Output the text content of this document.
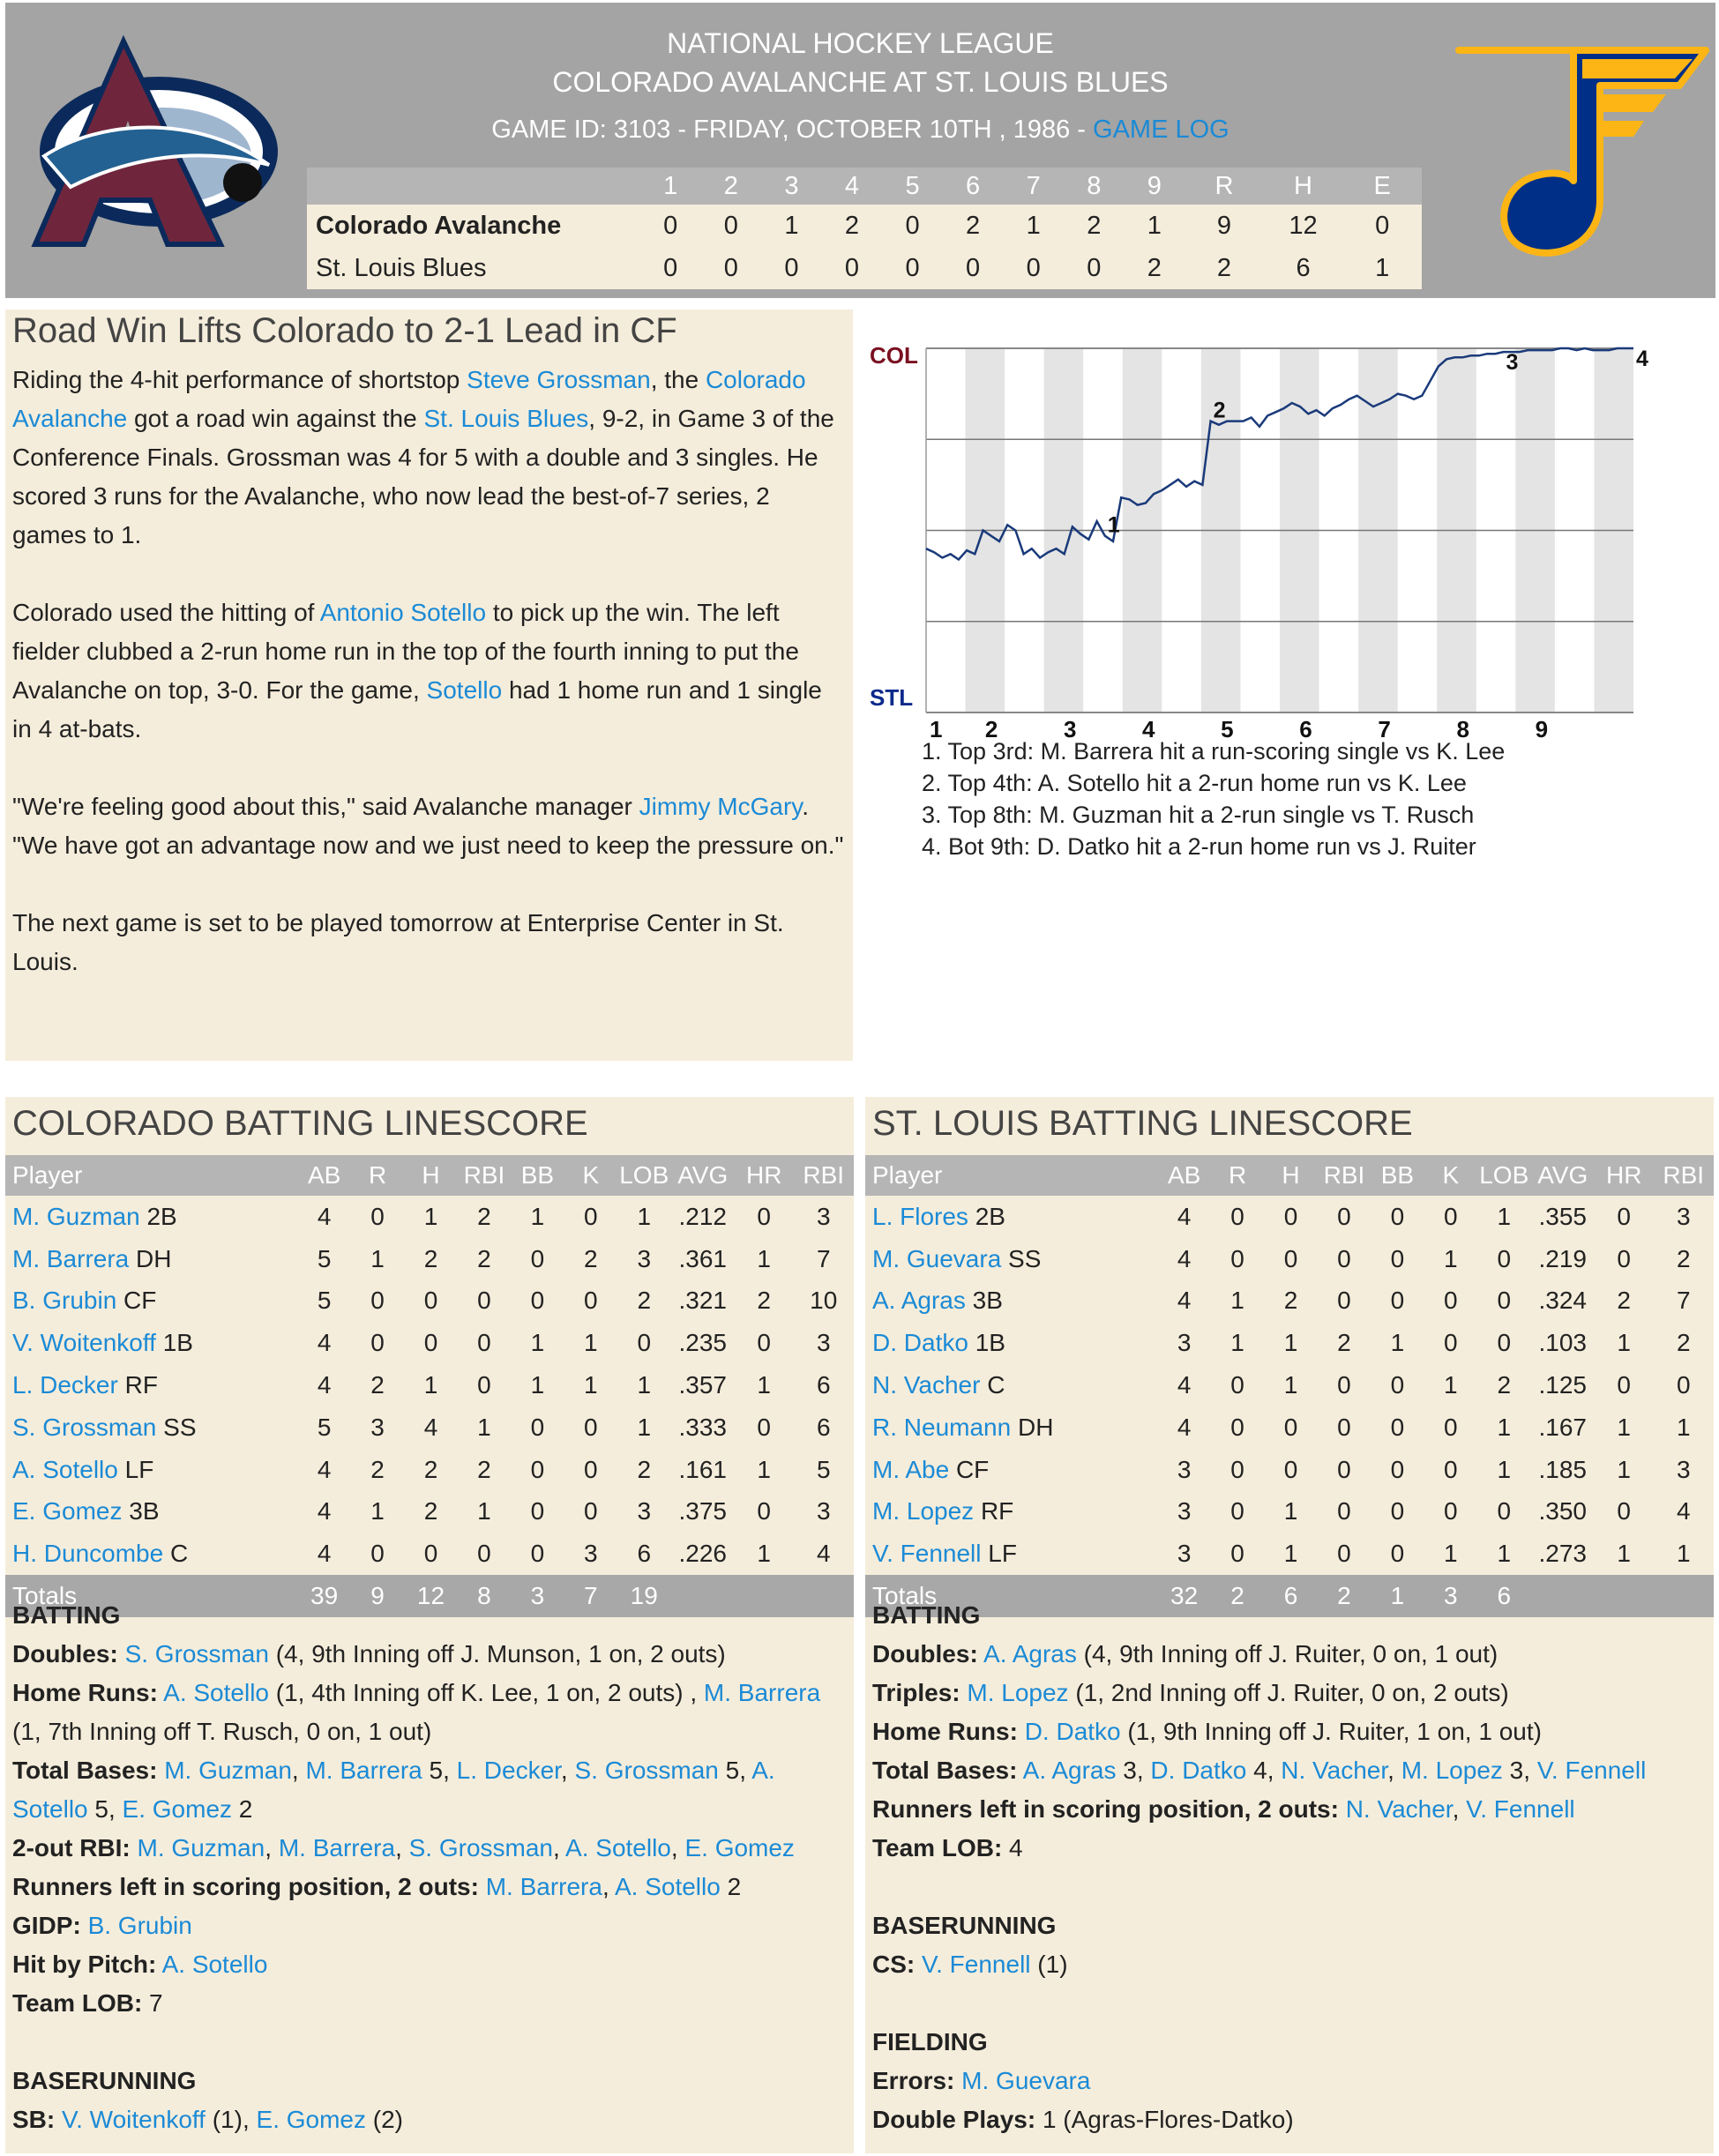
NATIONAL HOCKEY LEAGUE
COLORADO AVALANCHE AT ST. LOUIS BLUES
GAME ID: 3103 - FRIDAY, OCTOBER 10TH , 1986 - GAME LOG
	1	2	3	4	5	6	7	8	9	R	H	E
Colorado Avalanche	0	0	1	2	0	2	1	2	1	9	12	0
St. Louis Blues	0	0	0	0	0	0	0	0	2	2	6	1
Road Win Lifts Colorado to 2-1 Lead in CF

Riding the 4-hit performance of shortstop Steve Grossman, the Colorado Avalanche got a road win against the St. Louis Blues, 9-2, in Game 3 of the Conference Finals. Grossman was 4 for 5 with a double and 3 singles. He scored 3 runs for the Avalanche, who now lead the best-of-7 series, 2 games to 1.

Colorado used the hitting of Antonio Sotello to pick up the win. The left fielder clubbed a 2-run home run in the top of the fourth inning to put the Avalanche on top, 3-0. For the game, Sotello had 1 home run and 1 single in 4 at-bats.

"We're feeling good about this," said Avalanche manager Jimmy McGary. "We have got an advantage now and we just need to keep the pressure on."

The next game is set to be played tomorrow at Enterprise Center in St. Louis.

COL
STL
1
2
3	4
1 2	3	4	5	6	7	8	9
1. Top 3rd: M. Barrera hit a run-scoring single vs K. Lee
2. Top 4th: A. Sotello hit a 2-run home run vs K. Lee
3. Top 8th: M. Guzman hit a 2-run single vs T. Rusch
4. Bot 9th: D. Datko hit a 2-run home run vs J. Ruiter
COLORADO BATTING LINESCORE
Player	AB	R	H	RBI	BB	K	LOB	AVG	HR	RBI
M. Guzman 2B	4	0	1	2	1	0	1	.212	0	3
M. Barrera DH	5	1	2	2	0	2	3	.361	1	7
B. Grubin CF	5	0	0	0	0	0	2	.321	2	10
V. Woitenkoff 1B	4	0	0	0	1	1	0	.235	0	3
L. Decker RF	4	2	1	0	1	1	1	.357	1	6
S. Grossman SS	5	3	4	1	0	0	1	.333	0	6
A. Sotello LF	4	2	2	2	0	0	2	.161	1	5
E. Gomez 3B	4	1	2	1	0	0	3	.375	0	3
H. Duncombe C	4	0	0	0	0	3	6	.226	1	4
Totals	39	9	12	8	3	7	19			
BATTING
Doubles: S. Grossman (4, 9th Inning off J. Munson, 1 on, 2 outs)
Home Runs: A. Sotello (1, 4th Inning off K. Lee, 1 on, 2 outs) , M. Barrera (1, 7th Inning off T. Rusch, 0 on, 1 out)
Total Bases: M. Guzman, M. Barrera 5, L. Decker, S. Grossman 5, A. Sotello 5, E. Gomez 2
2-out RBI: M. Guzman, M. Barrera, S. Grossman, A. Sotello, E. Gomez
Runners left in scoring position, 2 outs: M. Barrera, A. Sotello 2
GIDP: B. Grubin
Hit by Pitch: A. Sotello
Team LOB: 7
BASERUNNING
SB: V. Woitenkoff (1), E. Gomez (2)
ST. LOUIS BATTING LINESCORE
Player	AB	R	H	RBI	BB	K	LOB	AVG	HR	RBI
L. Flores 2B	4	0	0	0	0	0	1	.355	0	3
M. Guevara SS	4	0	0	0	0	1	0	.219	0	2
A. Agras 3B	4	1	2	0	0	0	0	.324	2	7
D. Datko 1B	3	1	1	2	1	0	0	.103	1	2
N. Vacher C	4	0	1	0	0	1	2	.125	0	0
R. Neumann DH	4	0	0	0	0	0	1	.167	1	1
M. Abe CF	3	0	0	0	0	0	1	.185	1	3
M. Lopez RF	3	0	1	0	0	0	0	.350	0	4
V. Fennell LF	3	0	1	0	0	1	1	.273	1	1
Totals	32	2	6	2	1	3	6			
BATTING
Doubles: A. Agras (4, 9th Inning off J. Ruiter, 0 on, 1 out)
Triples: M. Lopez (1, 2nd Inning off J. Ruiter, 0 on, 2 outs)
Home Runs: D. Datko (1, 9th Inning off J. Ruiter, 1 on, 1 out)
Total Bases: A. Agras 3, D. Datko 4, N. Vacher, M. Lopez 3, V. Fennell
Runners left in scoring position, 2 outs: N. Vacher, V. Fennell
Team LOB: 4
BASERUNNING
CS: V. Fennell (1)
FIELDING
Errors: M. Guevara
Double Plays: 1 (Agras-Flores-Datko)
